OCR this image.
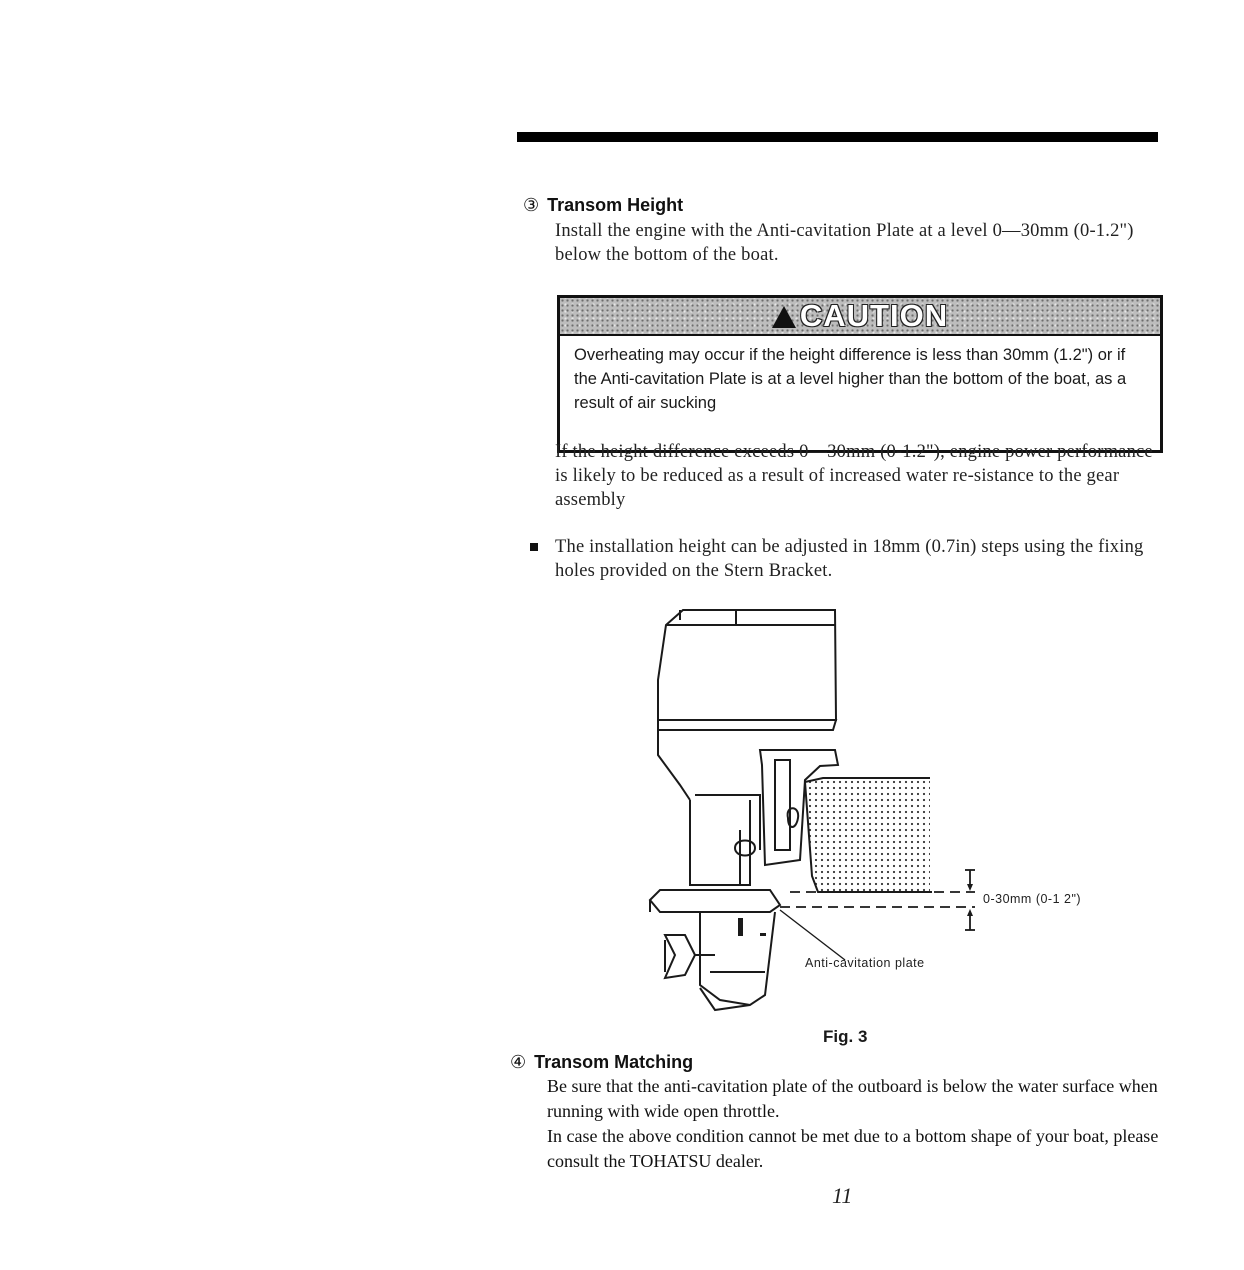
③ Transom Height
Install the engine with the Anti-cavitation Plate at a level 0—30mm (0-1.2") below the bottom of the boat.
CAUTION
Overheating may occur if the height difference is less than 30mm (1.2") or if the Anti-cavitation Plate is at a level higher than the bottom of the boat, as a result of air sucking
If the height difference exceeds 0—30mm (0-1.2"), engine power performance is likely to be reduced as a result of increased water re-sistance to the gear assembly
The installation height can be adjusted in 18mm (0.7in) steps using the fixing holes provided on the Stern Bracket.
0-30mm (0-1 2")
Anti-cavitation plate
Fig. 3
④ Transom Matching
Be sure that the anti-cavitation plate of the outboard is below the water surface when running with wide open throttle.
In case the above condition cannot be met due to a bottom shape of your boat, please consult the TOHATSU dealer.
11
